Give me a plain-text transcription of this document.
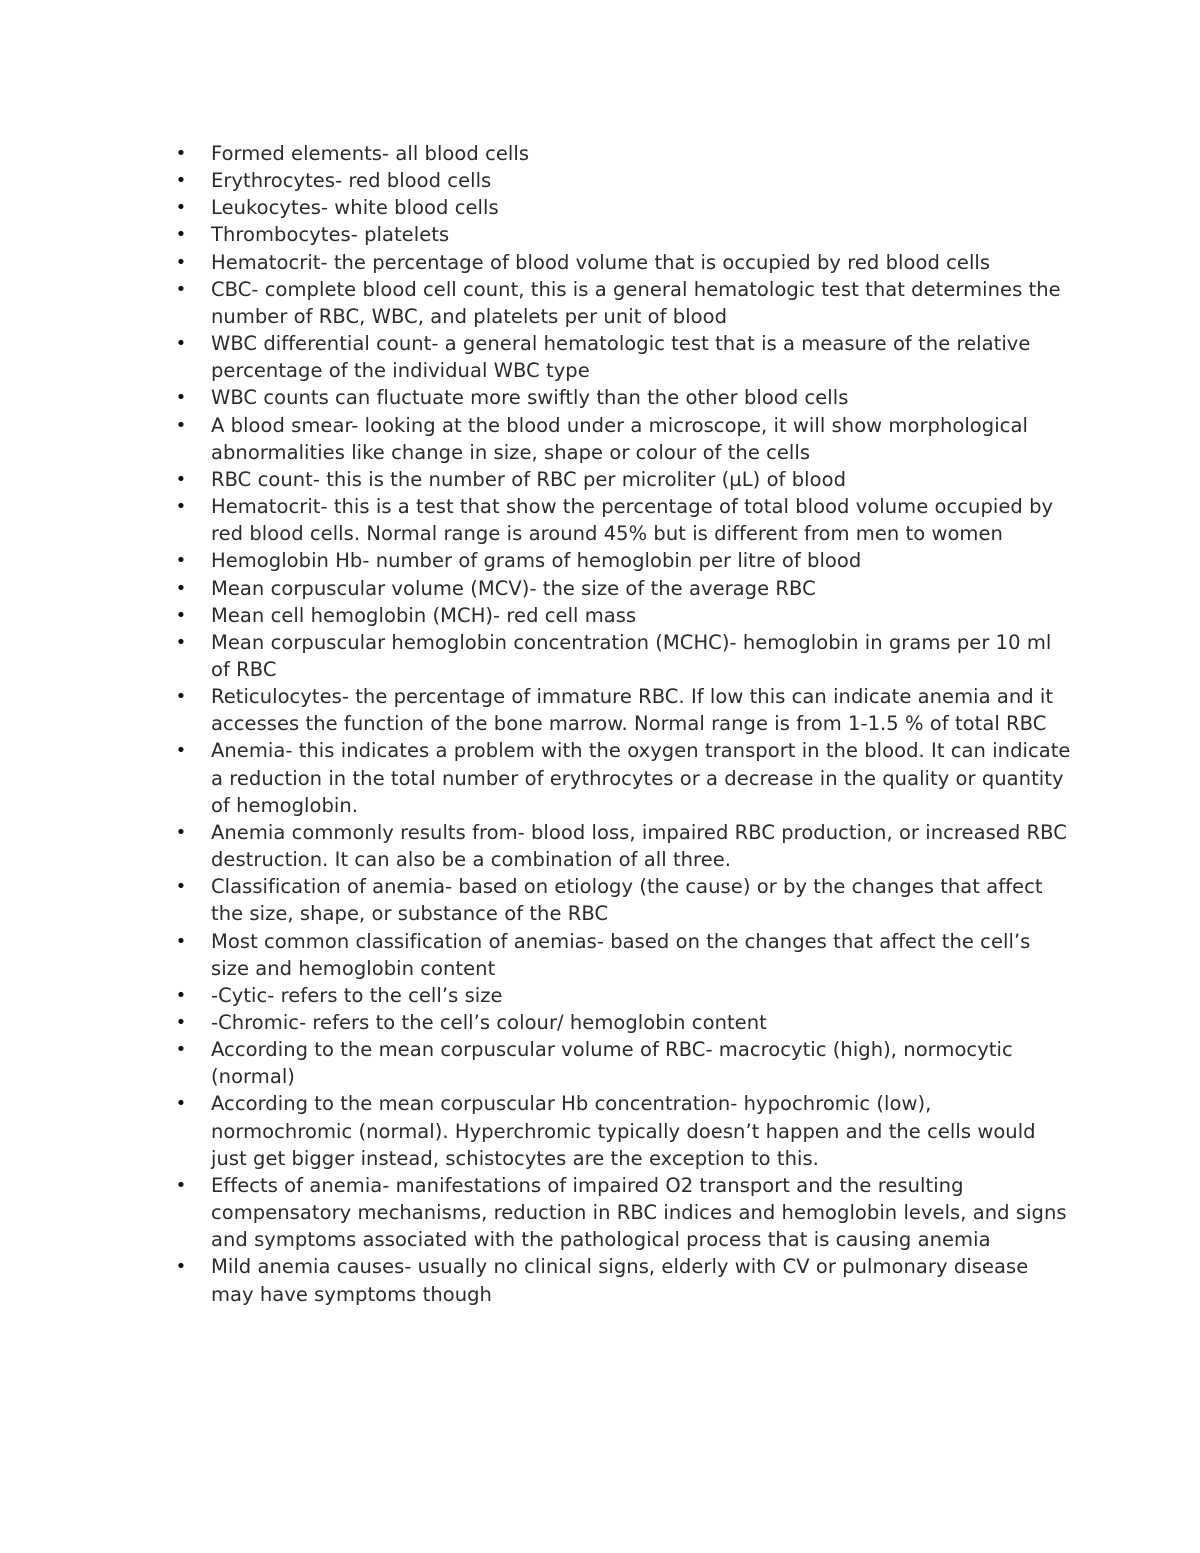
• Formed elements- all blood cells
• Erythrocytes- red blood cells
• Leukocytes- white blood cells
• Thrombocytes- platelets
• Hematocrit- the percentage of blood volume that is occupied by red blood cells
• CBC- complete blood cell count, this is a general hematologic test that determines the number of RBC, WBC, and platelets per unit of blood
• WBC differential count- a general hematologic test that is a measure of the relative percentage of the individual WBC type
• WBC counts can fluctuate more swiftly than the other blood cells
• A blood smear- looking at the blood under a microscope, it will show morphological abnormalities like change in size, shape or colour of the cells
• RBC count- this is the number of RBC per microliter (µL) of blood
• Hematocrit- this is a test that show the percentage of total blood volume occupied by red blood cells. Normal range is around 45% but is different from men to women
• Hemoglobin Hb- number of grams of hemoglobin per litre of blood
• Mean corpuscular volume (MCV)- the size of the average RBC
• Mean cell hemoglobin (MCH)- red cell mass
• Mean corpuscular hemoglobin concentration (MCHC)- hemoglobin in grams per 10 ml of RBC
• Reticulocytes- the percentage of immature RBC. If low this can indicate anemia and it accesses the function of the bone marrow. Normal range is from 1-1.5 % of total RBC
• Anemia- this indicates a problem with the oxygen transport in the blood. It can indicate a reduction in the total number of erythrocytes or a decrease in the quality or quantity of hemoglobin.
• Anemia commonly results from- blood loss, impaired RBC production, or increased RBC destruction. It can also be a combination of all three.
• Classification of anemia- based on etiology (the cause) or by the changes that affect the size, shape, or substance of the RBC
• Most common classification of anemias- based on the changes that affect the cell’s size and hemoglobin content
• -Cytic- refers to the cell’s size
• -Chromic- refers to the cell’s colour/ hemoglobin content
• According to the mean corpuscular volume of RBC- macrocytic (high), normocytic (normal)
• According to the mean corpuscular Hb concentration- hypochromic (low), normochromic (normal). Hyperchromic typically doesn’t happen and the cells would just get bigger instead, schistocytes are the exception to this.
• Effects of anemia- manifestations of impaired O2 transport and the resulting compensatory mechanisms, reduction in RBC indices and hemoglobin levels, and signs and symptoms associated with the pathological process that is causing anemia
• Mild anemia causes- usually no clinical signs, elderly with CV or pulmonary disease may have symptoms though
